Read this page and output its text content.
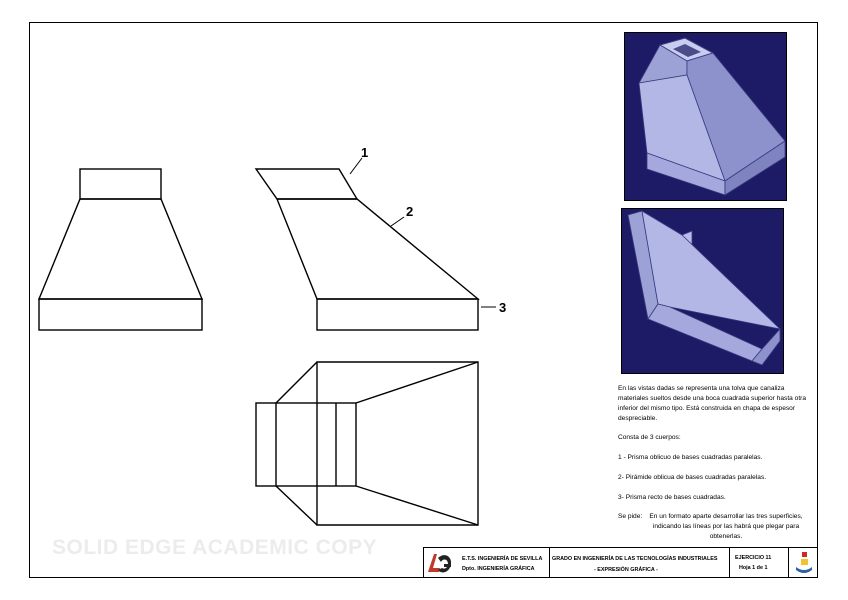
1
2
3
En las vistas dadas se representa una tolva que canaliza materiales sueltos desde una boca cuadrada superior hasta otra inferior del mismo tipo. Está construida en chapa de espesor despreciable.
Consta de 3 cuerpos:
1 - Prisma oblicuo de bases cuadradas paralelas.
2- Pirámide oblicua de bases cuadradas paralelas.
3- Prisma recto de bases cuadradas.
Se pide:	En un formato aparte desarrollar las tres superficies, indicando las líneas por las habrá que plegar para obtenerlas.
SOLID EDGE ACADEMIC COPY	E.T.S. INGENIERÍA DE SEVILLA
Dpto. INGENIERÍA GRÁFICA
GRADO EN INGENIERÍA DE LAS TECNOLOGÍAS INDUSTRIALES
- EXPRESIÓN GRÁFICA -
EJERCICIO 11
Hoja 1 de 1
